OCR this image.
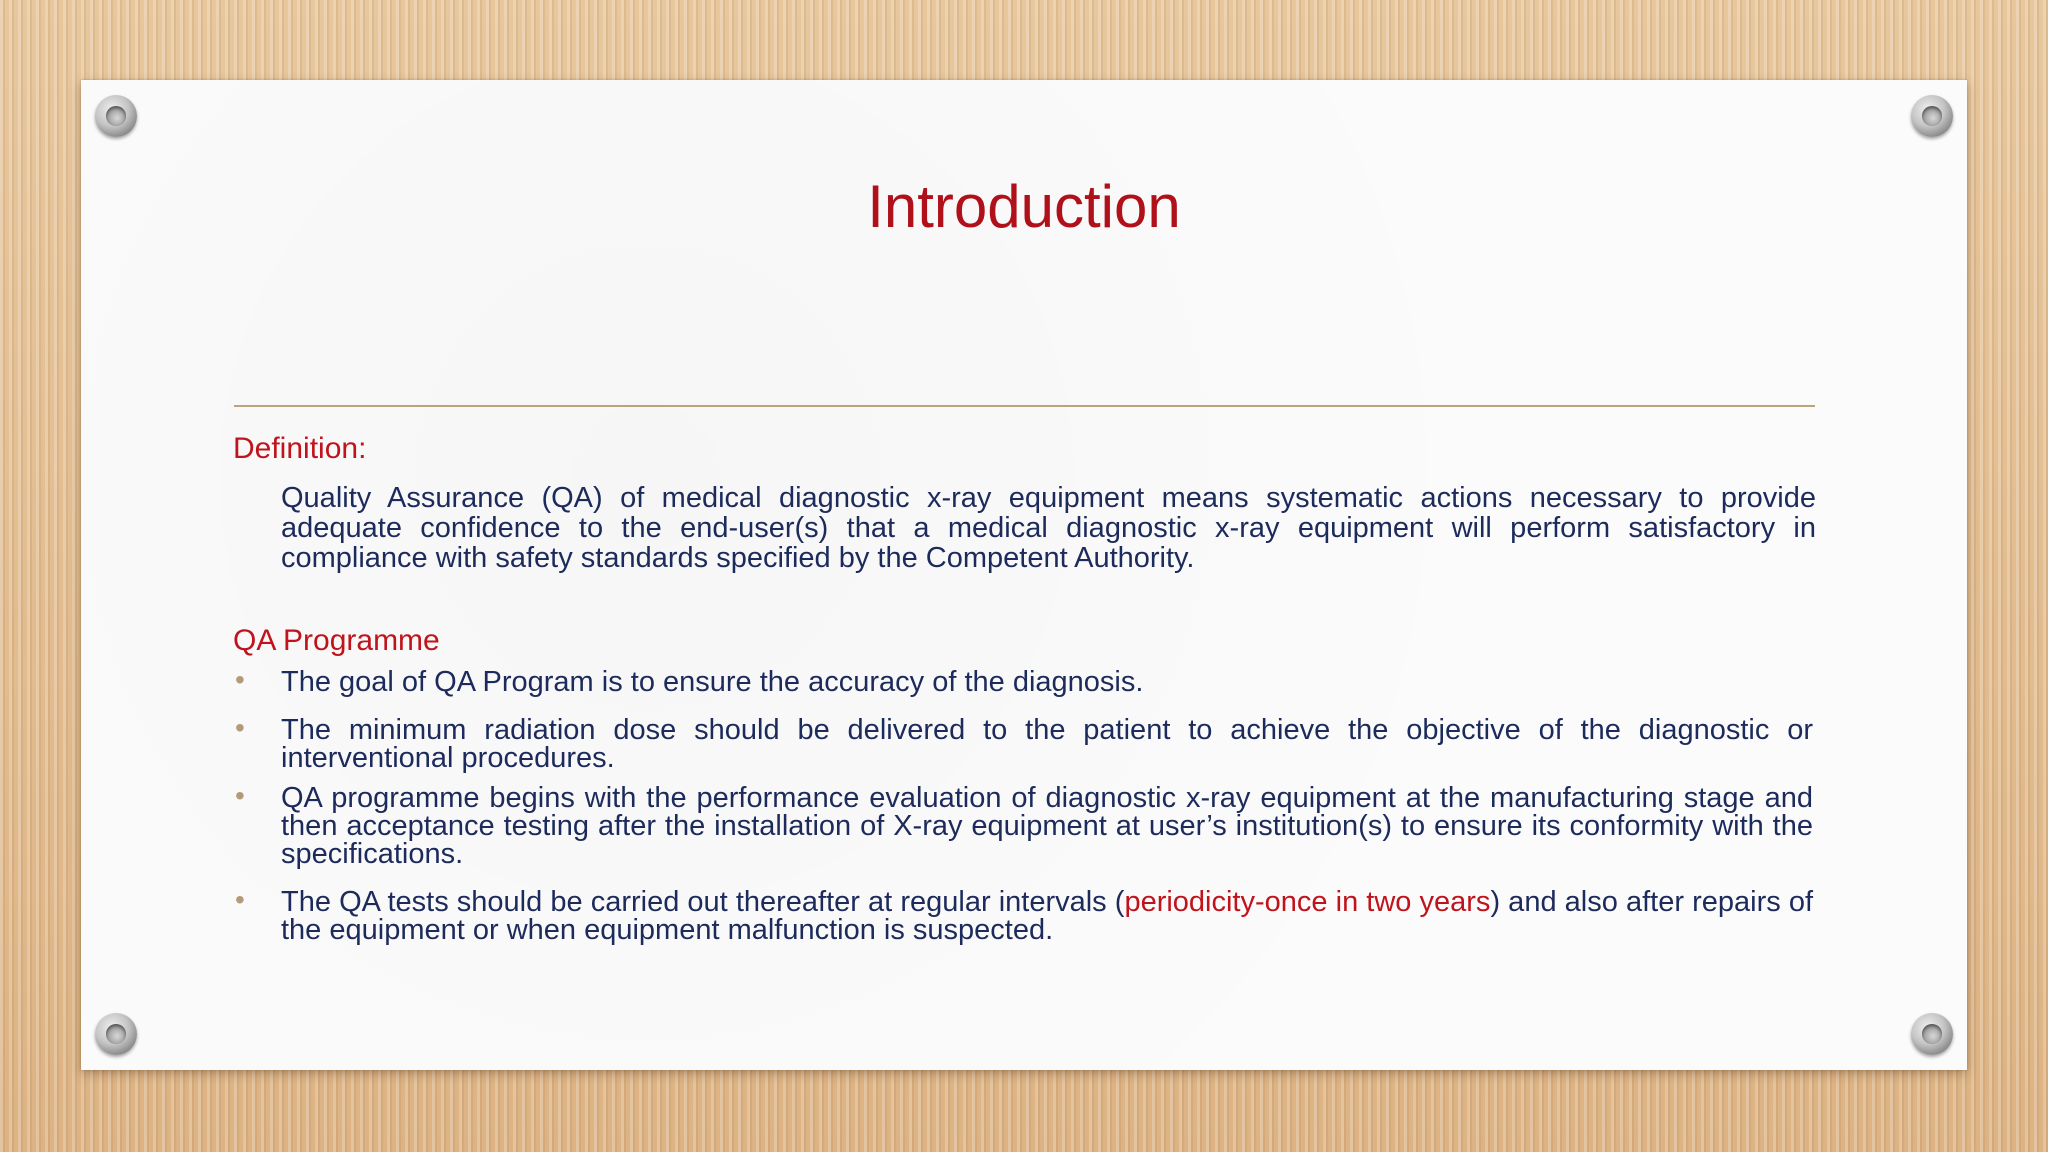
Introduction
Definition:
Quality Assurance (QA) of medical diagnostic x-ray equipment means systematic actions necessary to provide adequate confidence to the end-user(s) that a medical diagnostic x-ray equipment will perform satisfactory in compliance with safety standards specified by the Competent Authority.
QA Programme
• The goal of QA Program is to ensure the accuracy of the diagnosis.
• The minimum radiation dose should be delivered to the patient to achieve the objective of the diagnostic or interventional procedures.
• QA programme begins with the performance evaluation of diagnostic x-ray equipment at the manufacturing stage and then acceptance testing after the installation of X-ray equipment at user’s institution(s) to ensure its conformity with the specifications.
• The QA tests should be carried out thereafter at regular intervals (periodicity-once in two years) and also after repairs of the equipment or when equipment malfunction is suspected.
